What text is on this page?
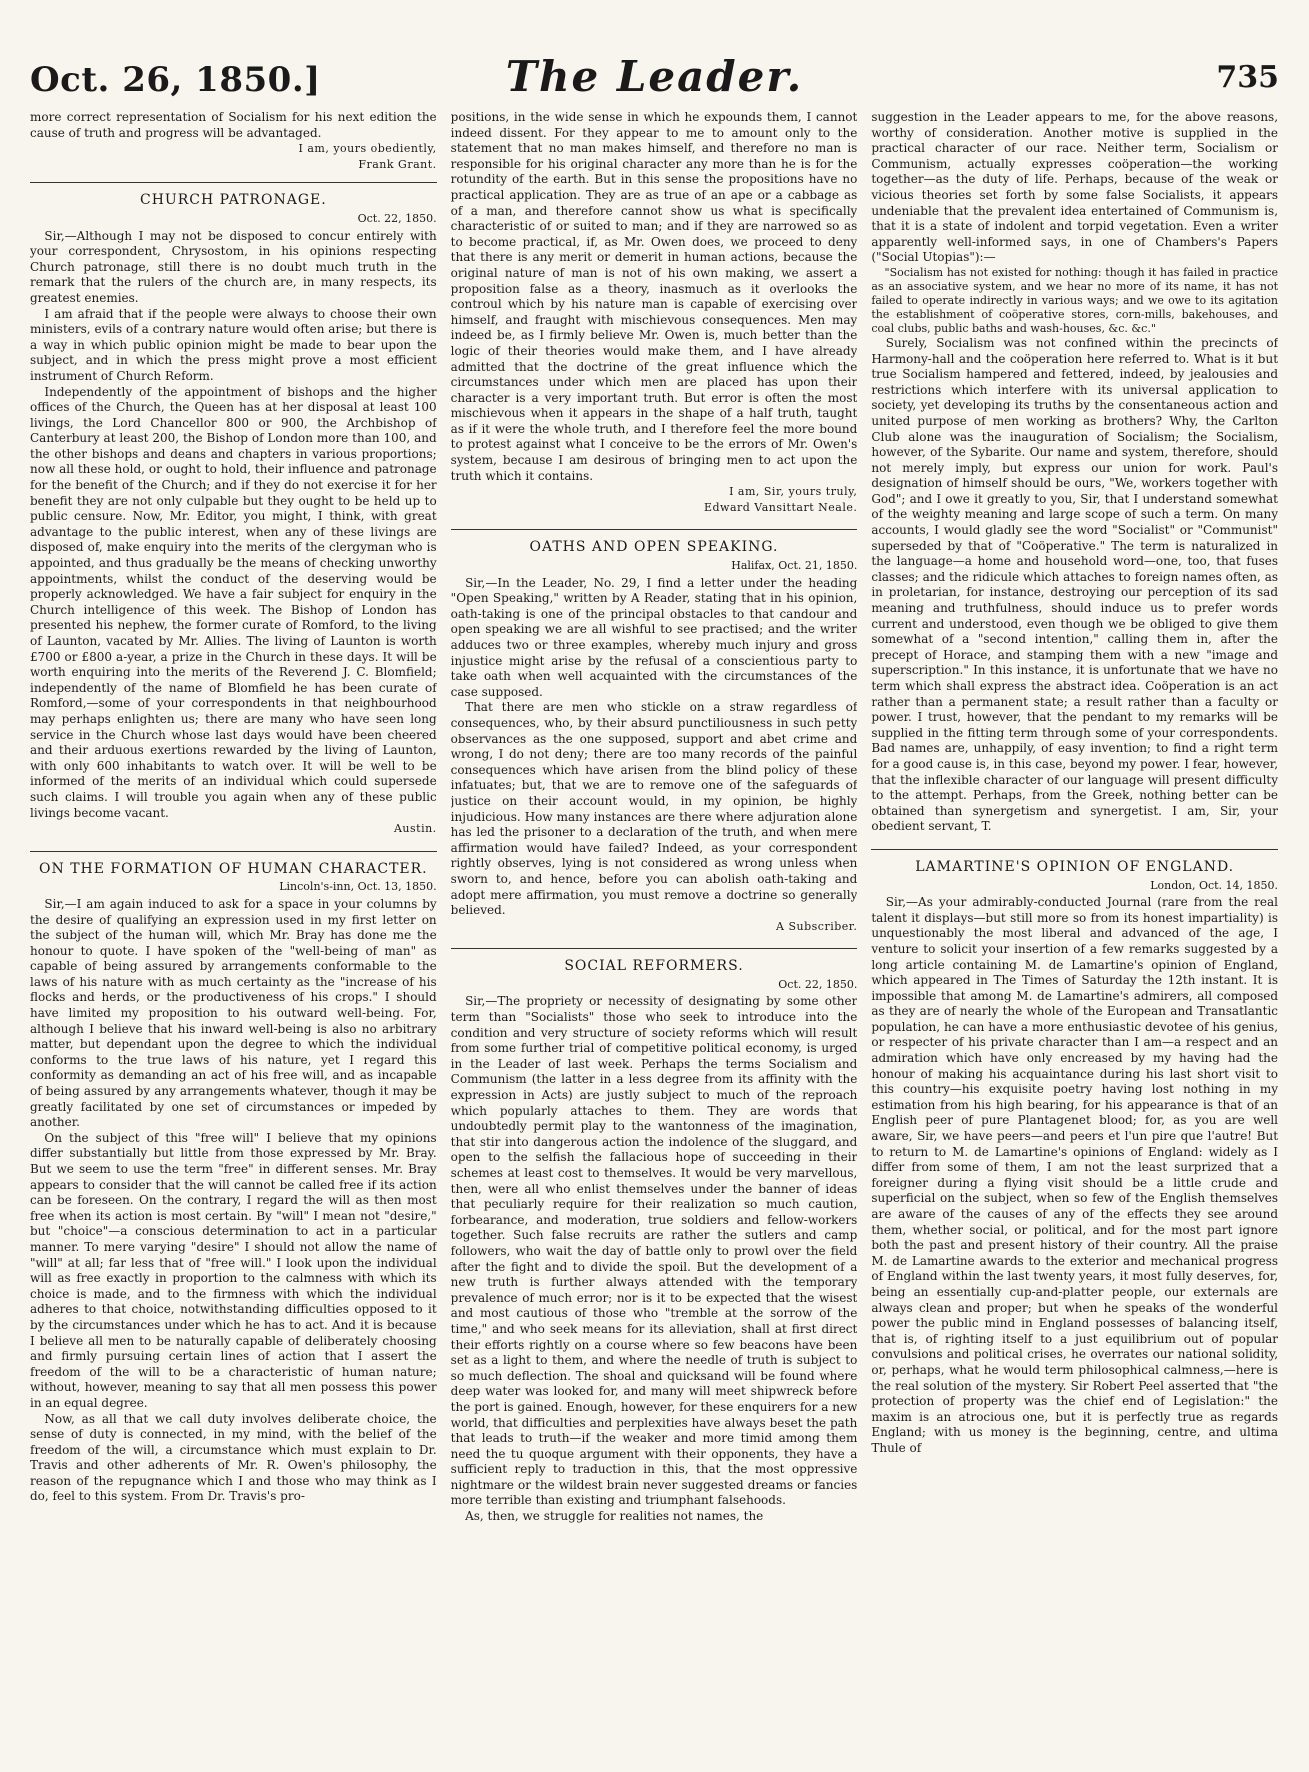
Oct. 26, 1850.]	The Leader.	735

more correct representation of Socialism for his next edition the cause of truth and progress will be advantaged.

I am, yours obediently,
Frank Grant.
CHURCH PATRONAGE.
Oct. 22, 1850.

Sir,—Although I may not be disposed to concur entirely with your correspondent, Chrysostom, in his opinions respecting Church patronage, still there is no doubt much truth in the remark that the rulers of the church are, in many respects, its greatest enemies.

I am afraid that if the people were always to choose their own ministers, evils of a contrary nature would often arise; but there is a way in which public opinion might be made to bear upon the subject, and in which the press might prove a most efficient instrument of Church Reform.

Independently of the appointment of bishops and the higher offices of the Church, the Queen has at her disposal at least 100 livings, the Lord Chancellor 800 or 900, the Archbishop of Canterbury at least 200, the Bishop of London more than 100, and the other bishops and deans and chapters in various proportions; now all these hold, or ought to hold, their influence and patronage for the benefit of the Church; and if they do not exercise it for her benefit they are not only culpable but they ought to be held up to public censure. Now, Mr. Editor, you might, I think, with great advantage to the public interest, when any of these livings are disposed of, make enquiry into the merits of the clergyman who is appointed, and thus gradually be the means of checking unworthy appointments, whilst the conduct of the deserving would be properly acknowledged. We have a fair subject for enquiry in the Church intelligence of this week. The Bishop of London has presented his nephew, the former curate of Romford, to the living of Launton, vacated by Mr. Allies. The living of Launton is worth £700 or £800 a-year, a prize in the Church in these days. It will be worth enquiring into the merits of the Reverend J. C. Blomfield; independently of the name of Blomfield he has been curate of Romford,—some of your correspondents in that neighbourhood may perhaps enlighten us; there are many who have seen long service in the Church whose last days would have been cheered and their arduous exertions rewarded by the living of Launton, with only 600 inhabitants to watch over. It will be well to be informed of the merits of an individual which could supersede such claims. I will trouble you again when any of these public livings become vacant.

Austin.
ON THE FORMATION OF HUMAN CHARACTER.
Lincoln's-inn, Oct. 13, 1850.

Sir,—I am again induced to ask for a space in your columns by the desire of qualifying an expression used in my first letter on the subject of the human will, which Mr. Bray has done me the honour to quote. I have spoken of the "well-being of man" as capable of being assured by arrangements conformable to the laws of his nature with as much certainty as the "increase of his flocks and herds, or the productiveness of his crops." I should have limited my proposition to his outward well-being. For, although I believe that his inward well-being is also no arbitrary matter, but dependant upon the degree to which the individual conforms to the true laws of his nature, yet I regard this conformity as demanding an act of his free will, and as incapable of being assured by any arrangements whatever, though it may be greatly facilitated by one set of circumstances or impeded by another.

On the subject of this "free will" I believe that my opinions differ substantially but little from those expressed by Mr. Bray. But we seem to use the term "free" in different senses. Mr. Bray appears to consider that the will cannot be called free if its action can be foreseen. On the contrary, I regard the will as then most free when its action is most certain. By "will" I mean not "desire," but "choice"—a conscious determination to act in a particular manner. To mere varying "desire" I should not allow the name of "will" at all; far less that of "free will." I look upon the individual will as free exactly in proportion to the calmness with which its choice is made, and to the firmness with which the individual adheres to that choice, notwithstanding difficulties opposed to it by the circumstances under which he has to act. And it is because I believe all men to be naturally capable of deliberately choosing and firmly pursuing certain lines of action that I assert the freedom of the will to be a characteristic of human nature; without, however, meaning to say that all men possess this power in an equal degree.

Now, as all that we call duty involves deliberate choice, the sense of duty is connected, in my mind, with the belief of the freedom of the will, a circumstance which must explain to Dr. Travis and other adherents of Mr. R. Owen's philosophy, the reason of the repugnance which I and those who may think as I do, feel to this system. From Dr. Travis's pro-

positions, in the wide sense in which he expounds them, I cannot indeed dissent. For they appear to me to amount only to the statement that no man makes himself, and therefore no man is responsible for his original character any more than he is for the rotundity of the earth. But in this sense the propositions have no practical application. They are as true of an ape or a cabbage as of a man, and therefore cannot show us what is specifically characteristic of or suited to man; and if they are narrowed so as to become practical, if, as Mr. Owen does, we proceed to deny that there is any merit or demerit in human actions, because the original nature of man is not of his own making, we assert a proposition false as a theory, inasmuch as it overlooks the controul which by his nature man is capable of exercising over himself, and fraught with mischievous consequences. Men may indeed be, as I firmly believe Mr. Owen is, much better than the logic of their theories would make them, and I have already admitted that the doctrine of the great influence which the circumstances under which men are placed has upon their character is a very important truth. But error is often the most mischievous when it appears in the shape of a half truth, taught as if it were the whole truth, and I therefore feel the more bound to protest against what I conceive to be the errors of Mr. Owen's system, because I am desirous of bringing men to act upon the truth which it contains.

I am, Sir, yours truly,
Edward Vansittart Neale.
OATHS AND OPEN SPEAKING.
Halifax, Oct. 21, 1850.

Sir,—In the Leader, No. 29, I find a letter under the heading "Open Speaking," written by A Reader, stating that in his opinion, oath-taking is one of the principal obstacles to that candour and open speaking we are all wishful to see practised; and the writer adduces two or three examples, whereby much injury and gross injustice might arise by the refusal of a conscientious party to take oath when well acquainted with the circumstances of the case supposed.

That there are men who stickle on a straw regardless of consequences, who, by their absurd punctiliousness in such petty observances as the one supposed, support and abet crime and wrong, I do not deny; there are too many records of the painful consequences which have arisen from the blind policy of these infatuates; but, that we are to remove one of the safeguards of justice on their account would, in my opinion, be highly injudicious. How many instances are there where adjuration alone has led the prisoner to a declaration of the truth, and when mere affirmation would have failed? Indeed, as your correspondent rightly observes, lying is not considered as wrong unless when sworn to, and hence, before you can abolish oath-taking and adopt mere affirmation, you must remove a doctrine so generally believed.

A Subscriber.
SOCIAL REFORMERS.
Oct. 22, 1850.

Sir,—The propriety or necessity of designating by some other term than "Socialists" those who seek to introduce into the condition and very structure of society reforms which will result from some further trial of competitive political economy, is urged in the Leader of last week. Perhaps the terms Socialism and Communism (the latter in a less degree from its affinity with the expression in Acts) are justly subject to much of the reproach which popularly attaches to them. They are words that undoubtedly permit play to the wantonness of the imagination, that stir into dangerous action the indolence of the sluggard, and open to the selfish the fallacious hope of succeeding in their schemes at least cost to themselves. It would be very marvellous, then, were all who enlist themselves under the banner of ideas that peculiarly require for their realization so much caution, forbearance, and moderation, true soldiers and fellow-workers together. Such false recruits are rather the sutlers and camp followers, who wait the day of battle only to prowl over the field after the fight and to divide the spoil. But the development of a new truth is further always attended with the temporary prevalence of much error; nor is it to be expected that the wisest and most cautious of those who "tremble at the sorrow of the time," and who seek means for its alleviation, shall at first direct their efforts rightly on a course where so few beacons have been set as a light to them, and where the needle of truth is subject to so much deflection. The shoal and quicksand will be found where deep water was looked for, and many will meet shipwreck before the port is gained. Enough, however, for these enquirers for a new world, that difficulties and perplexities have always beset the path that leads to truth—if the weaker and more timid among them need the tu quoque argument with their opponents, they have a sufficient reply to traduction in this, that the most oppressive nightmare or the wildest brain never suggested dreams or fancies more terrible than existing and triumphant falsehoods.

As, then, we struggle for realities not names, the

suggestion in the Leader appears to me, for the above reasons, worthy of consideration. Another motive is supplied in the practical character of our race. Neither term, Socialism or Communism, actually expresses coöperation—the working together—as the duty of life. Perhaps, because of the weak or vicious theories set forth by some false Socialists, it appears undeniable that the prevalent idea entertained of Communism is, that it is a state of indolent and torpid vegetation. Even a writer apparently well-informed says, in one of Chambers's Papers ("Social Utopias"):—

"Socialism has not existed for nothing: though it has failed in practice as an associative system, and we hear no more of its name, it has not failed to operate indirectly in various ways; and we owe to its agitation the establishment of coöperative stores, corn-mills, bakehouses, and coal clubs, public baths and wash-houses, &c. &c."

Surely, Socialism was not confined within the precincts of Harmony-hall and the coöperation here referred to. What is it but true Socialism hampered and fettered, indeed, by jealousies and restrictions which interfere with its universal application to society, yet developing its truths by the consentaneous action and united purpose of men working as brothers? Why, the Carlton Club alone was the inauguration of Socialism; the Socialism, however, of the Sybarite. Our name and system, therefore, should not merely imply, but express our union for work. Paul's designation of himself should be ours, "We, workers together with God"; and I owe it greatly to you, Sir, that I understand somewhat of the weighty meaning and large scope of such a term. On many accounts, I would gladly see the word "Socialist" or "Communist" superseded by that of "Coöperative." The term is naturalized in the language—a home and household word—one, too, that fuses classes; and the ridicule which attaches to foreign names often, as in proletarian, for instance, destroying our perception of its sad meaning and truthfulness, should induce us to prefer words current and understood, even though we be obliged to give them somewhat of a "second intention," calling them in, after the precept of Horace, and stamping them with a new "image and superscription." In this instance, it is unfortunate that we have no term which shall express the abstract idea. Coöperation is an act rather than a permanent state; a result rather than a faculty or power. I trust, however, that the pendant to my remarks will be supplied in the fitting term through some of your correspondents. Bad names are, unhappily, of easy invention; to find a right term for a good cause is, in this case, beyond my power. I fear, however, that the inflexible character of our language will present difficulty to the attempt. Perhaps, from the Greek, nothing better can be obtained than synergetism and synergetist. I am, Sir, your obedient servant, T.

LAMARTINE'S OPINION OF ENGLAND.
London, Oct. 14, 1850.

Sir,—As your admirably-conducted Journal (rare from the real talent it displays—but still more so from its honest impartiality) is unquestionably the most liberal and advanced of the age, I venture to solicit your insertion of a few remarks suggested by a long article containing M. de Lamartine's opinion of England, which appeared in The Times of Saturday the 12th instant. It is impossible that among M. de Lamartine's admirers, all composed as they are of nearly the whole of the European and Transatlantic population, he can have a more enthusiastic devotee of his genius, or respecter of his private character than I am—a respect and an admiration which have only encreased by my having had the honour of making his acquaintance during his last short visit to this country—his exquisite poetry having lost nothing in my estimation from his high bearing, for his appearance is that of an English peer of pure Plantagenet blood; for, as you are well aware, Sir, we have peers—and peers et l'un pire que l'autre! But to return to M. de Lamartine's opinions of England: widely as I differ from some of them, I am not the least surprized that a foreigner during a flying visit should be a little crude and superficial on the subject, when so few of the English themselves are aware of the causes of any of the effects they see around them, whether social, or political, and for the most part ignore both the past and present history of their country. All the praise M. de Lamartine awards to the exterior and mechanical progress of England within the last twenty years, it most fully deserves, for, being an essentially cup-and-platter people, our externals are always clean and proper; but when he speaks of the wonderful power the public mind in England possesses of balancing itself, that is, of righting itself to a just equilibrium out of popular convulsions and political crises, he overrates our national solidity, or, perhaps, what he would term philosophical calmness,—here is the real solution of the mystery. Sir Robert Peel asserted that "the protection of property was the chief end of Legislation:" the maxim is an atrocious one, but it is perfectly true as regards England; with us money is the beginning, centre, and ultima Thule of
